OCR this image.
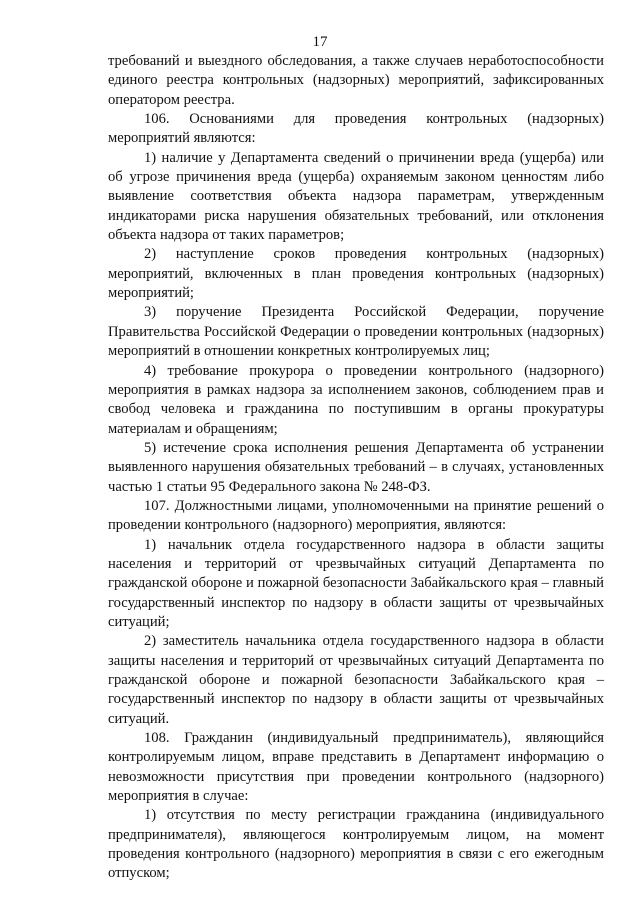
17

требований и выездного обследования, а также случаев неработоспособности единого реестра контрольных (надзорных) мероприятий, зафиксированных оператором реестра.

106. Основаниями для проведения контрольных (надзорных) мероприятий являются:

1) наличие у Департамента сведений о причинении вреда (ущерба) или об угрозе причинения вреда (ущерба) охраняемым законом ценностям либо выявление соответствия объекта надзора параметрам, утвержденным индикаторами риска нарушения обязательных требований, или отклонения объекта надзора от таких параметров;

2) наступление сроков проведения контрольных (надзорных) мероприятий, включенных в план проведения контрольных (надзорных) мероприятий;

3) поручение Президента Российской Федерации, поручение Правительства Российской Федерации о проведении контрольных (надзорных) мероприятий в отношении конкретных контролируемых лиц;

4) требование прокурора о проведении контрольного (надзорного) мероприятия в рамках надзора за исполнением законов, соблюдением прав и свобод человека и гражданина по поступившим в органы прокуратуры материалам и обращениям;

5) истечение срока исполнения решения Департамента об устранении выявленного нарушения обязательных требований – в случаях, установленных частью 1 статьи 95 Федерального закона № 248-ФЗ.

107. Должностными лицами, уполномоченными на принятие решений о проведении контрольного (надзорного) мероприятия, являются:

1) начальник отдела государственного надзора в области защиты населения и территорий от чрезвычайных ситуаций Департамента по гражданской обороне и пожарной безопасности Забайкальского края – главный государственный инспектор по надзору в области защиты от чрезвычайных ситуаций;

2) заместитель начальника отдела государственного надзора в области защиты населения и территорий от чрезвычайных ситуаций Департамента по гражданской обороне и пожарной безопасности Забайкальского края – государственный инспектор по надзору в области защиты от чрезвычайных ситуаций.

108. Гражданин (индивидуальный предприниматель), являющийся контролируемым лицом, вправе представить в Департамент информацию о невозможности присутствия при проведении контрольного (надзорного) мероприятия в случае:

1) отсутствия по месту регистрации гражданина (индивидуального предпринимателя), являющегося контролируемым лицом, на момент проведения контрольного (надзорного) мероприятия в связи с его ежегодным отпуском;
